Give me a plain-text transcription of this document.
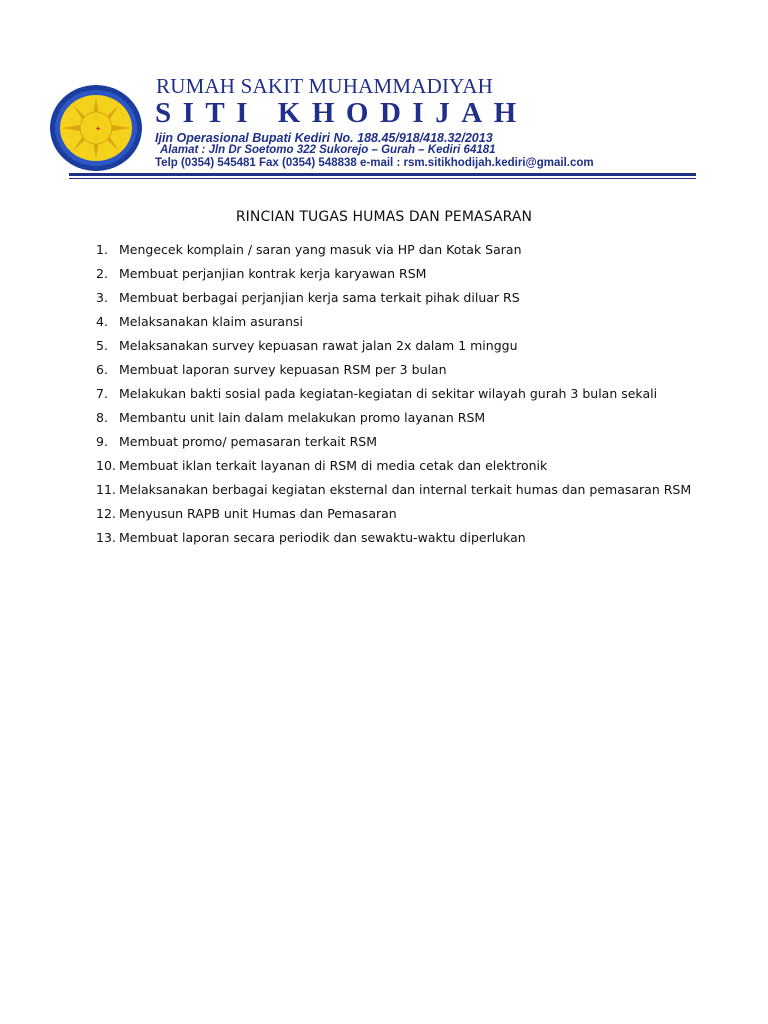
✦
RUMAH SAKIT MUHAMMADIYAH
SITI KHODIJAH
Ijin Operasional Bupati Kediri No. 188.45/918/418.32/2013
Alamat : Jln Dr Soetomo 322 Sukorejo – Gurah – Kediri 64181
Telp (0354) 545481 Fax (0354) 548838 e-mail : rsm.sitikhodijah.kediri@gmail.com
RINCIAN TUGAS HUMAS DAN PEMASARAN
1. Mengecek komplain / saran yang masuk via HP dan Kotak Saran
2. Membuat perjanjian kontrak kerja karyawan RSM
3. Membuat berbagai perjanjian kerja sama terkait pihak diluar RS
4. Melaksanakan klaim asuransi
5. Melaksanakan survey kepuasan rawat jalan 2x dalam 1 minggu
6. Membuat laporan survey kepuasan RSM per 3 bulan
7. Melakukan bakti sosial pada kegiatan-kegiatan di sekitar wilayah gurah 3 bulan sekali
8. Membantu unit lain dalam melakukan promo layanan RSM
9. Membuat promo/ pemasaran terkait RSM
10. Membuat iklan terkait layanan di RSM di media cetak dan elektronik
11. Melaksanakan berbagai kegiatan eksternal dan internal terkait humas dan pemasaran RSM
12. Menyusun RAPB unit Humas dan Pemasaran
13. Membuat laporan secara periodik dan sewaktu-waktu diperlukan
